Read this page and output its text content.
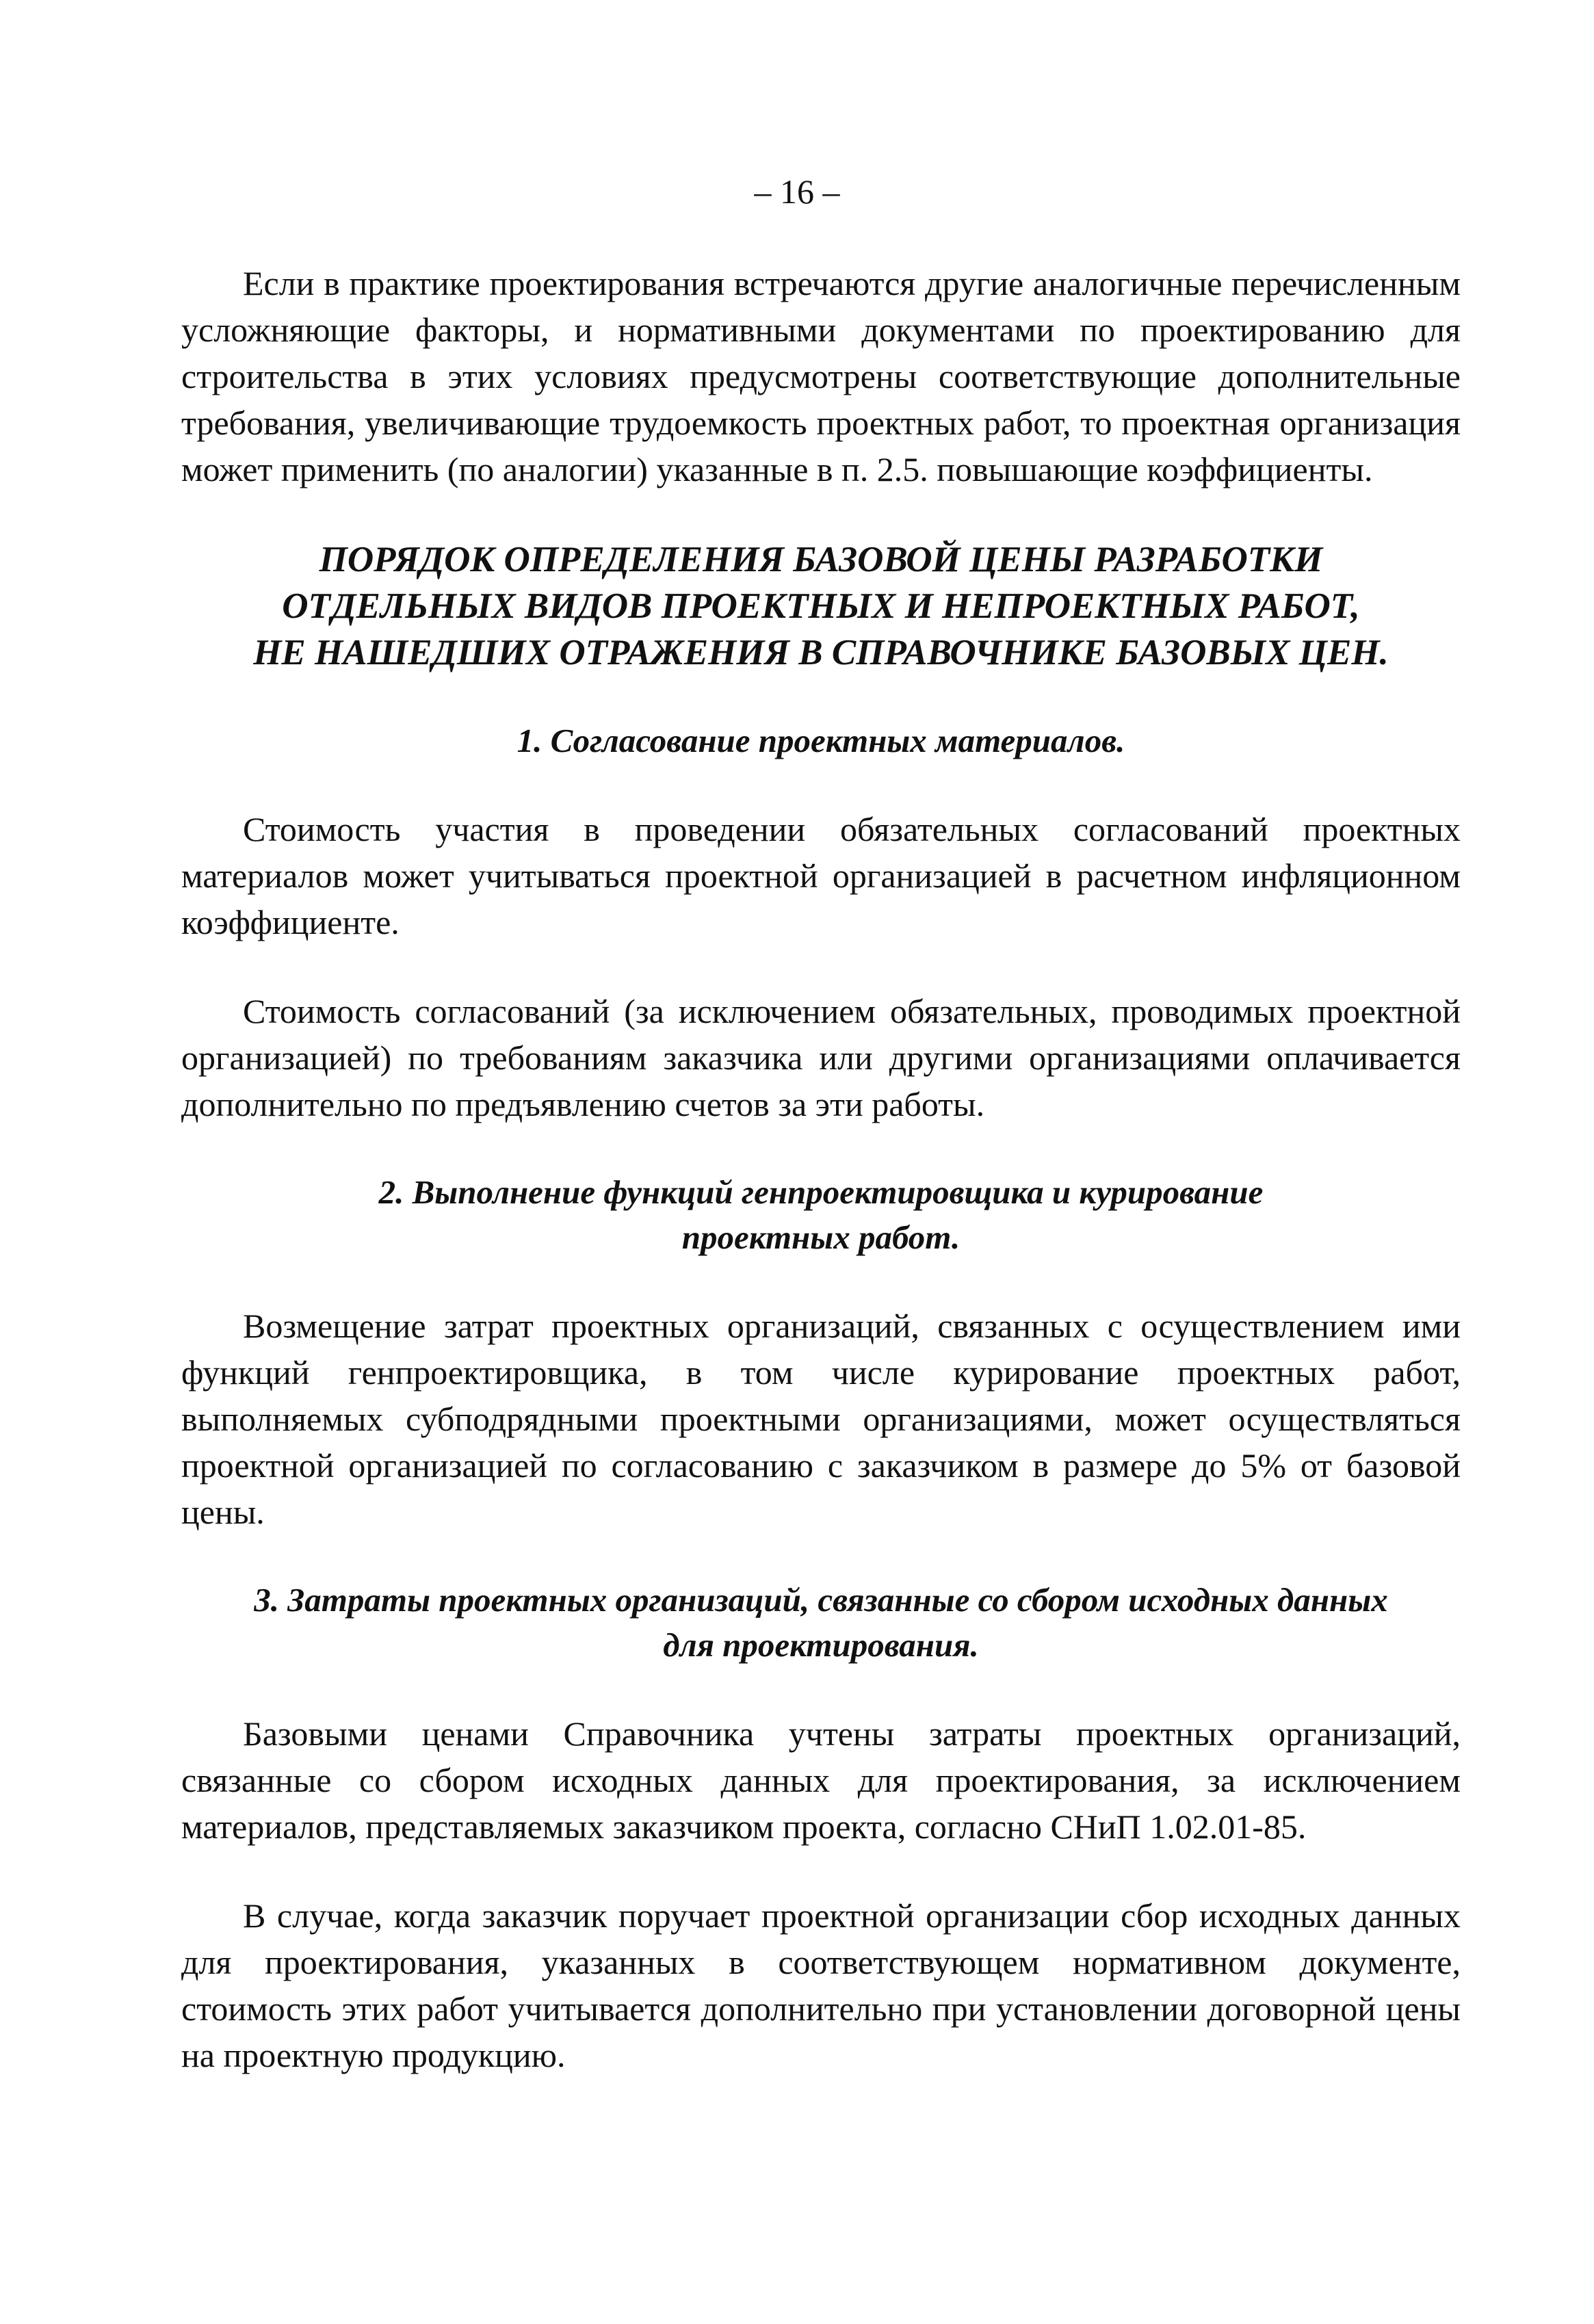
– 16 –

Если в практике проектирования встречаются другие аналогичные перечисленным усложняющие факторы, и нормативными документами по проектированию для строительства в этих условиях предусмотрены соответствующие дополнительные требования, увеличивающие трудоемкость проектных работ, то проектная организация может применить (по аналогии) указанные в п. 2.5. повышающие коэффициенты.

ПОРЯДОК ОПРЕДЕЛЕНИЯ БАЗОВОЙ ЦЕНЫ РАЗРАБОТКИ
ОТДЕЛЬНЫХ ВИДОВ ПРОЕКТНЫХ И НЕПРОЕКТНЫХ РАБОТ,
НЕ НАШЕДШИХ ОТРАЖЕНИЯ В СПРАВОЧНИКЕ БАЗОВЫХ ЦЕН.
1. Согласование проектных материалов.

Стоимость участия в проведении обязательных согласований проектных материалов может учитываться проектной организацией в расчетном инфляционном коэффициенте.

Стоимость согласований (за исключением обязательных, проводимых проектной организацией) по требованиям заказчика или другими организациями оплачивается дополнительно по предъявлению счетов за эти работы.

2. Выполнение функций генпроектировщика и курирование
проектных работ.

Возмещение затрат проектных организаций, связанных с осуществлением ими функций генпроектировщика, в том числе курирование проектных работ, выполняемых субподрядными проектными организациями, может осуществляться проектной организацией по согласованию с заказчиком в размере до 5% от базовой цены.

3. Затраты проектных организаций, связанные со сбором исходных данных
для проектирования.

Базовыми ценами Справочника учтены затраты проектных организаций, связанные со сбором исходных данных для проектирования, за исключением материалов, представляемых заказчиком проекта, согласно СНиП 1.02.01-85.

В случае, когда заказчик поручает проектной организации сбор исходных данных для проектирования, указанных в соответствующем нормативном документе, стоимость этих работ учитывается дополнительно при установлении договорной цены на проектную продукцию.
